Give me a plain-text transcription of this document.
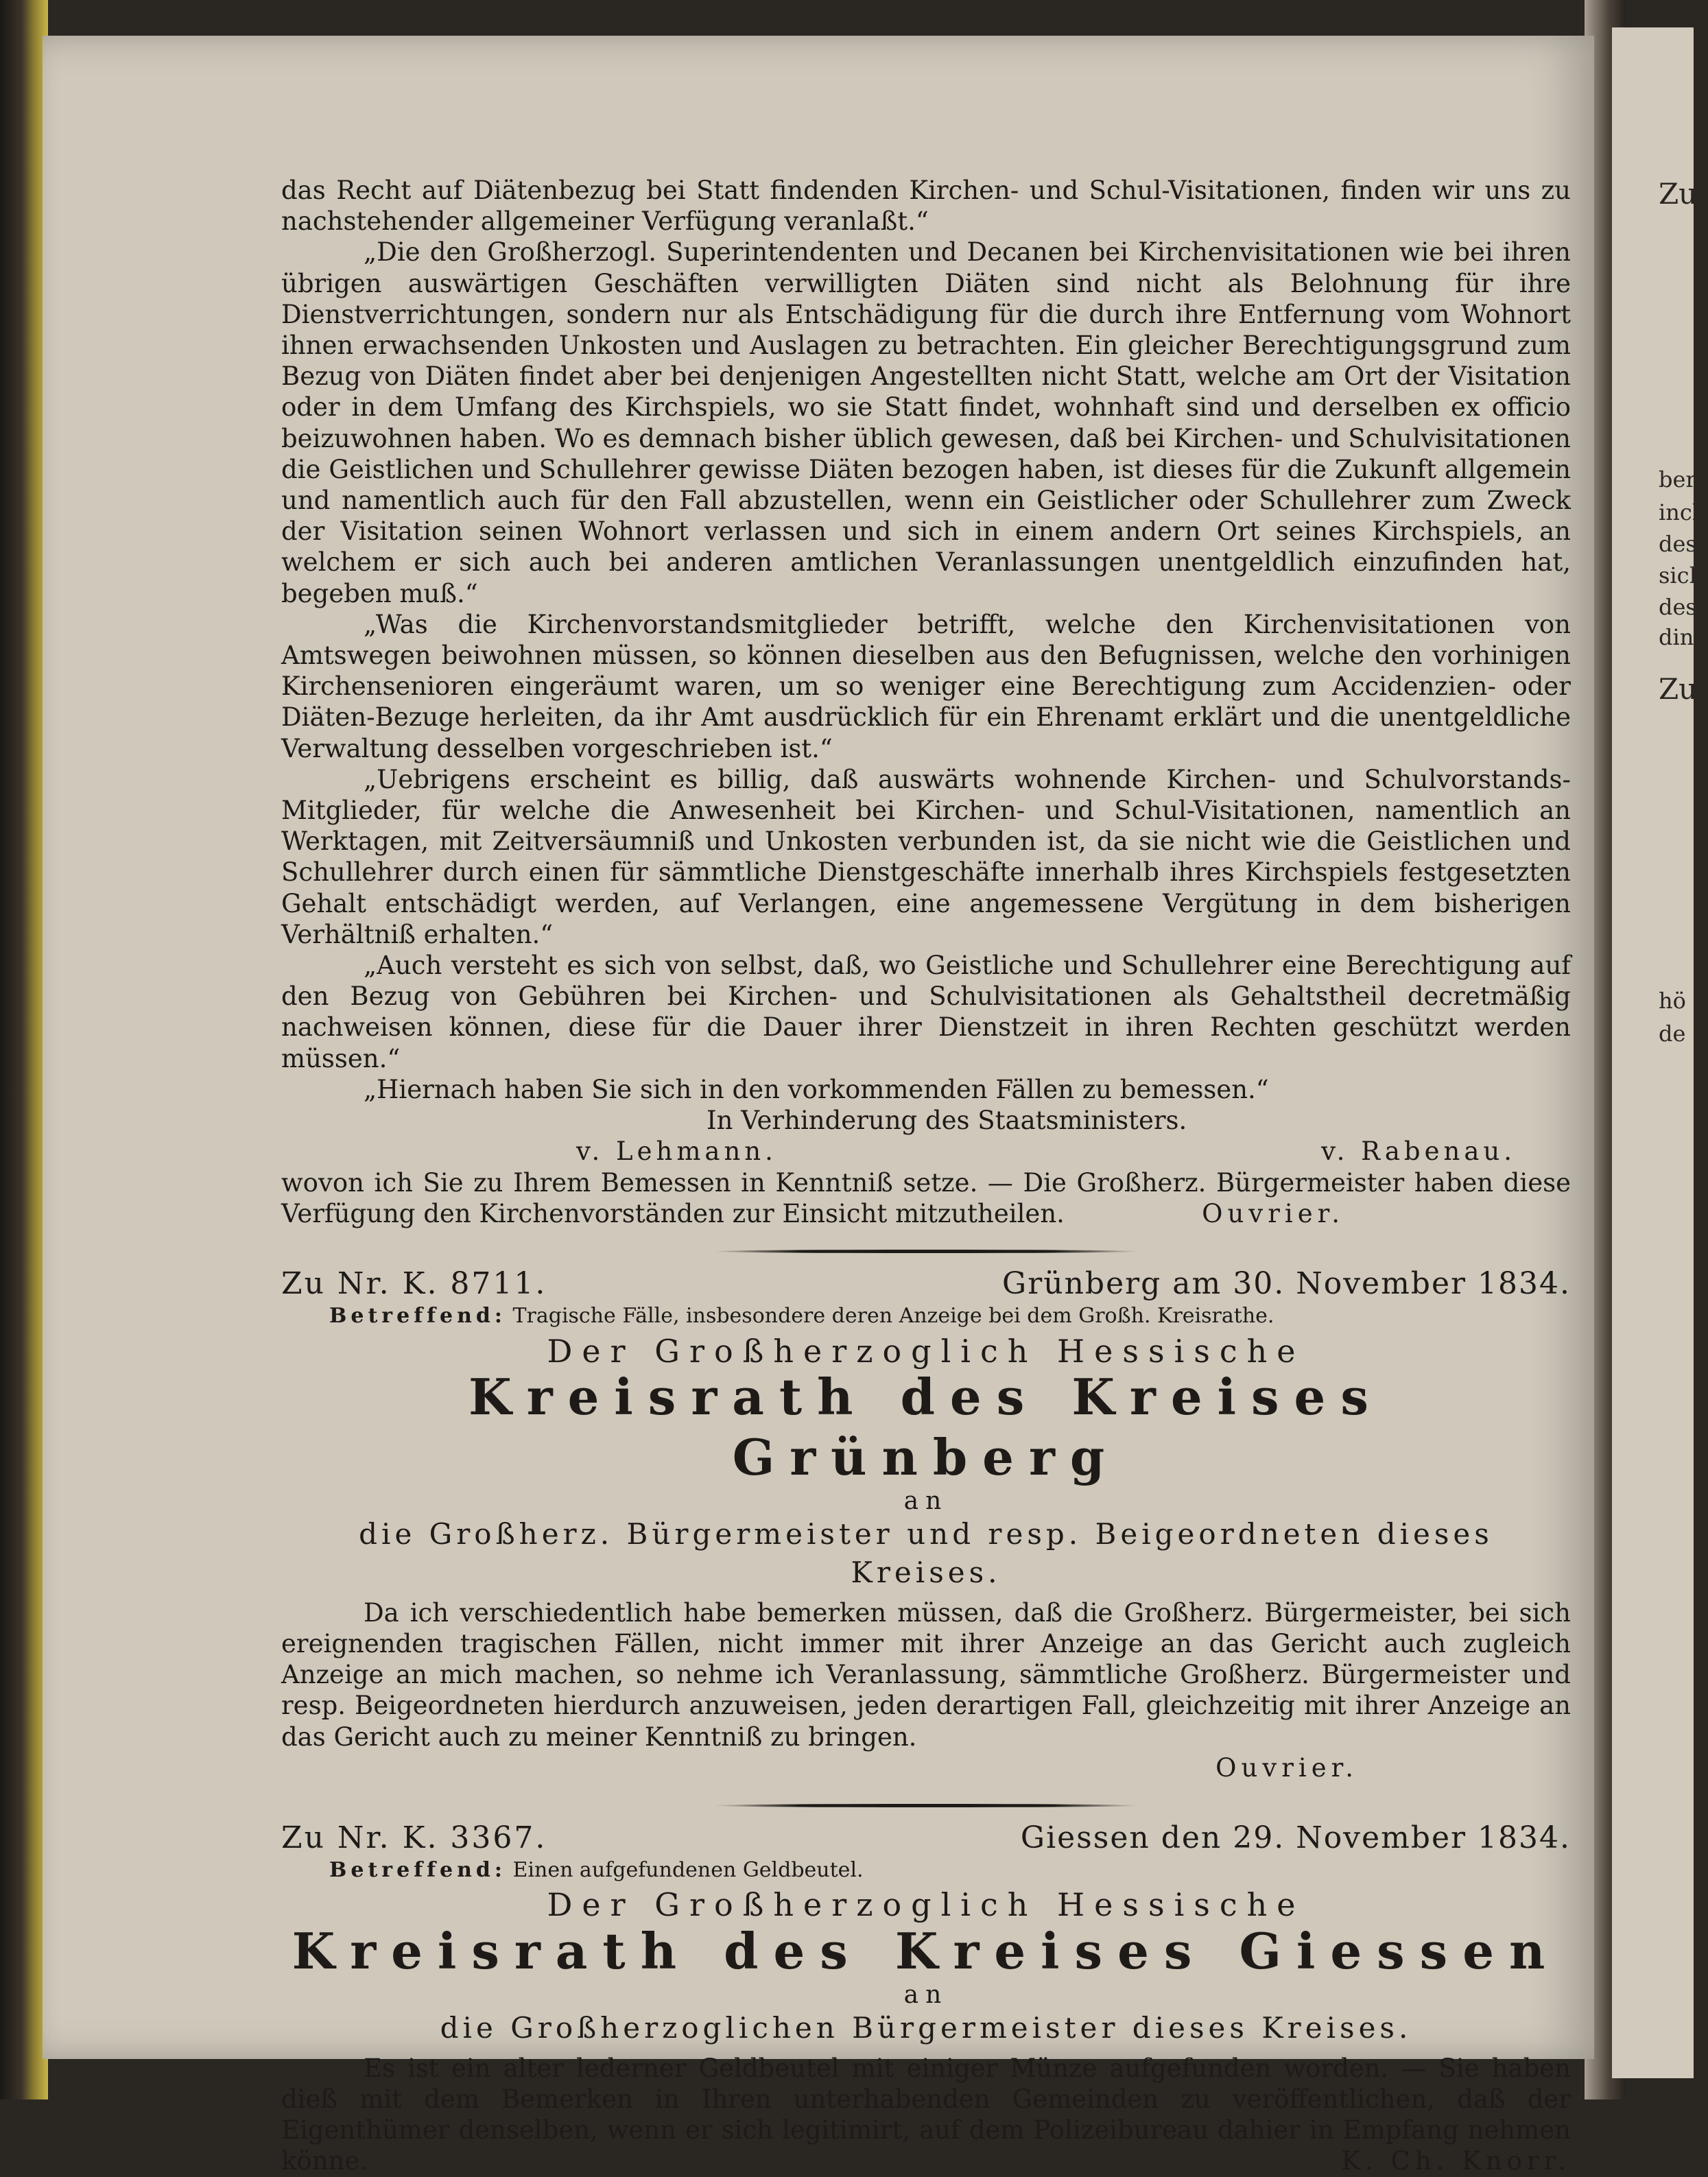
Zu
berz
inch
des
sich
des
din
Zu
hö
de

das Recht auf Diätenbezug bei Statt findenden Kirchen- und Schul-Visitationen, finden wir uns zu nachstehender allgemeiner Verfügung veranlaßt.“

„Die den Großherzogl. Superintendenten und Decanen bei Kirchenvisitationen wie bei ihren übrigen auswärtigen Geschäften verwilligten Diäten sind nicht als Belohnung für ihre Dienstverrichtungen, sondern nur als Entschädigung für die durch ihre Entfernung vom Wohnort ihnen erwachsenden Unkosten und Auslagen zu betrachten. Ein gleicher Berechtigungsgrund zum Bezug von Diäten findet aber bei denjenigen Angestellten nicht Statt, welche am Ort der Visitation oder in dem Umfang des Kirchspiels, wo sie Statt findet, wohnhaft sind und derselben ex officio beizuwohnen haben. Wo es demnach bisher üblich gewesen, daß bei Kirchen- und Schulvisitationen die Geistlichen und Schullehrer gewisse Diäten bezogen haben, ist dieses für die Zukunft allgemein und namentlich auch für den Fall abzustellen, wenn ein Geistlicher oder Schullehrer zum Zweck der Visitation seinen Wohnort verlassen und sich in einem andern Ort seines Kirchspiels, an welchem er sich auch bei anderen amtlichen Veranlassungen unentgeldlich einzufinden hat, begeben muß.“

„Was die Kirchenvorstandsmitglieder betrifft, welche den Kirchenvisitationen von Amtswegen beiwohnen müssen, so können dieselben aus den Befugnissen, welche den vorhinigen Kirchensenioren eingeräumt waren, um so weniger eine Berechtigung zum Accidenzien- oder Diäten-Bezuge herleiten, da ihr Amt ausdrücklich für ein Ehrenamt erklärt und die unentgeldliche Verwaltung desselben vorgeschrieben ist.“

„Uebrigens erscheint es billig, daß auswärts wohnende Kirchen- und Schulvorstands-Mitglieder, für welche die Anwesenheit bei Kirchen- und Schul-Visitationen, namentlich an Werktagen, mit Zeitversäumniß und Unkosten verbunden ist, da sie nicht wie die Geistlichen und Schullehrer durch einen für sämmtliche Dienstgeschäfte innerhalb ihres Kirchspiels festgesetzten Gehalt entschädigt werden, auf Verlangen, eine angemessene Vergütung in dem bisherigen Verhältniß erhalten.“

„Auch versteht es sich von selbst, daß, wo Geistliche und Schullehrer eine Berechtigung auf den Bezug von Gebühren bei Kirchen- und Schulvisitationen als Gehaltstheil decretmäßig nachweisen können, diese für die Dauer ihrer Dienstzeit in ihren Rechten geschützt werden müssen.“

„Hiernach haben Sie sich in den vorkommenden Fällen zu bemessen.“

In Verhinderung des Staatsministers.

v. Lehmann.	v. Rabenau.

wovon ich Sie zu Ihrem Bemessen in Kenntniß setze. — Die Großherz. Bürgermeister haben diese Verfügung den Kirchenvorständen zur Einsicht mitzutheilen.	Ouvrier.

Zu Nr. K. 8711.	Grünberg am 30. November 1834.
Betreffend: Tragische Fälle, insbesondere deren Anzeige bei dem Großh. Kreisrathe.
Der Großherzoglich Hessische
Kreisrath des Kreises Grünberg
an
die Großherz. Bürgermeister und resp. Beigeordneten dieses Kreises.

Da ich verschiedentlich habe bemerken müssen, daß die Großherz. Bürgermeister, bei sich ereignenden tragischen Fällen, nicht immer mit ihrer Anzeige an das Gericht auch zugleich Anzeige an mich machen, so nehme ich Veranlassung, sämmtliche Großherz. Bürgermeister und resp. Beigeordneten hierdurch anzuweisen, jeden derartigen Fall, gleichzeitig mit ihrer Anzeige an das Gericht auch zu meiner Kenntniß zu bringen.

Ouvrier.

Zu Nr. K. 3367.	Giessen den 29. November 1834.
Betreffend: Einen aufgefundenen Geldbeutel.
Der Großherzoglich Hessische
Kreisrath des Kreises Giessen
an
die Großherzoglichen Bürgermeister dieses Kreises.

Es ist ein alter lederner Geldbeutel mit einiger Münze aufgefunden worden. — Sie haben dieß mit dem Bemerken in Ihren unterhabenden Gemeinden zu veröffentlichen, daß der Eigenthümer denselben, wenn er sich legitimirt, auf dem Polizeibureau dahier in Empfang nehmen könne.	K. Ch. Knorr.
